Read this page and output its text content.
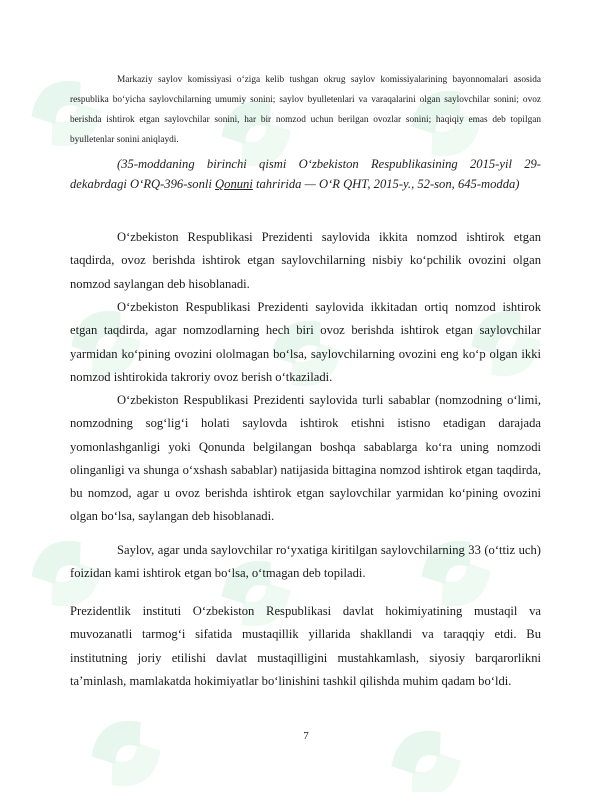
Markaziy saylov komissiyasi o‘ziga kelib tushgan okrug saylov komissiyalarining bayonnomalari asosida respublika bo‘yicha saylovchilarning umumiy sonini; saylov byulletenlari va varaqalarini olgan saylovchilar sonini; ovoz berishda ishtirok etgan saylovchilar sonini, har bir nomzod uchun berilgan ovozlar sonini; haqiqiy emas deb topilgan byulletenlar sonini aniqlaydi.

(35-moddaning birinchi qismi O‘zbekiston Respublikasining 2015-yil 29-dekabrdagi O‘RQ-396-sonli Qonuni tahririda — O‘R QHT, 2015-y., 52-son, 645-modda)

O‘zbekiston Respublikasi Prezidenti saylovida ikkita nomzod ishtirok etgan taqdirda, ovoz berishda ishtirok etgan saylovchilarning nisbiy ko‘pchilik ovozini olgan nomzod saylangan deb hisoblanadi.

O‘zbekiston Respublikasi Prezidenti saylovida ikkitadan ortiq nomzod ishtirok etgan taqdirda, agar nomzodlarning hech biri ovoz berishda ishtirok etgan saylovchilar yarmidan ko‘pining ovozini ololmagan bo‘lsa, saylovchilarning ovozini eng ko‘p olgan ikki nomzod ishtirokida takroriy ovoz berish o‘tkaziladi.

O‘zbekiston Respublikasi Prezidenti saylovida turli sabablar (nomzodning o‘limi, nomzodning sog‘lig‘i holati saylovda ishtirok etishni istisno etadigan darajada yomonlashganligi yoki Qonunda belgilangan boshqa sabablarga ko‘ra uning nomzodi olinganligi va shunga o‘xshash sabablar) natijasida bittagina nomzod ishtirok etgan taqdirda, bu nomzod, agar u ovoz berishda ishtirok etgan saylovchilar yarmidan ko‘pining ovozini olgan bo‘lsa, saylangan deb hisoblanadi.

Saylov, agar unda saylovchilar ro‘yxatiga kiritilgan saylovchilarning 33 (o‘ttiz uch) foizidan kami ishtirok etgan bo‘lsa, o‘tmagan deb topiladi.

Prezidentlik instituti O‘zbekiston Respublikasi davlat hokimiyatining mustaqil va muvozanatli tarmog‘i sifatida mustaqillik yillarida shakllandi va taraqqiy etdi. Bu institutning joriy etilishi davlat mustaqilligini mustahkamlash, siyosiy barqarorlikni ta’minlash, mamlakatda hokimiyatlar bo‘linishini tashkil qilishda muhim qadam bo‘ldi.

7
